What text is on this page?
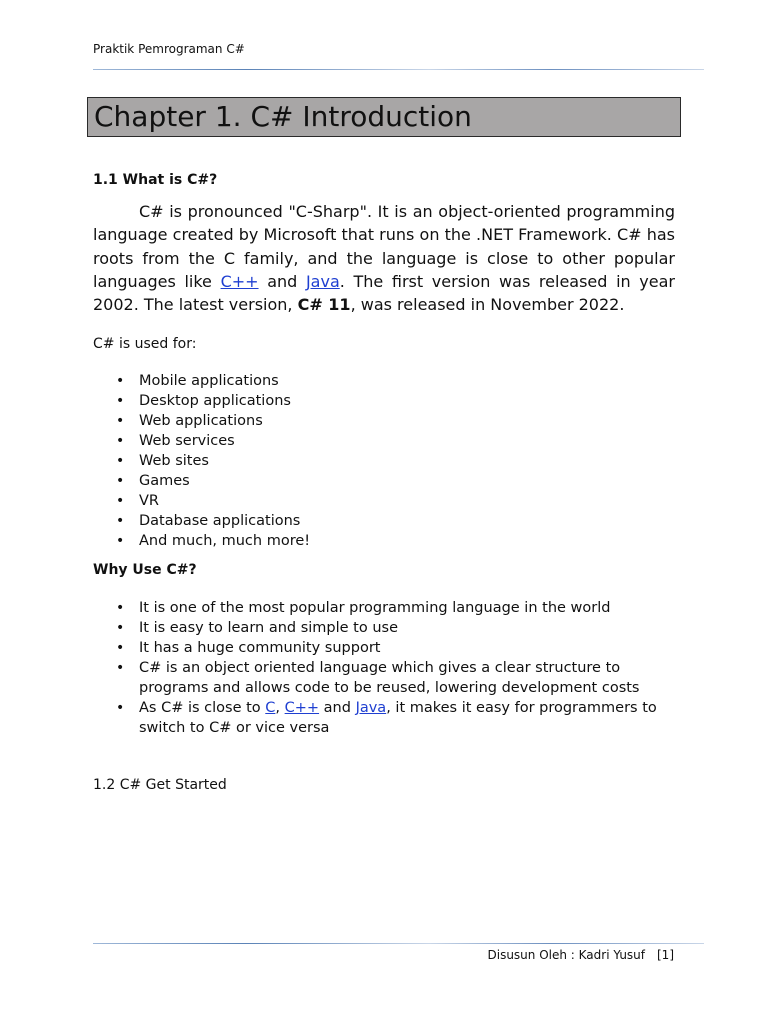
Praktik Pemrograman C#
Chapter 1. C# Introduction
1.1 What is C#?
C# is pronounced "C-Sharp". It is an object-oriented programming language created by Microsoft that runs on the .NET Framework. C# has roots from the C family, and the language is close to other popular languages like C++ and Java. The first version was released in year 2002. The latest version, C# 11, was released in November 2022.
C# is used for:
• Mobile applications
• Desktop applications
• Web applications
• Web services
• Web sites
• Games
• VR
• Database applications
• And much, much more!
Why Use C#?
• It is one of the most popular programming language in the world
• It is easy to learn and simple to use
• It has a huge community support
• C# is an object oriented language which gives a clear structure to programs and allows code to be reused, lowering development costs
• As C# is close to C, C++ and Java, it makes it easy for programmers to switch to C# or vice versa
1.2 C# Get Started
Disusun Oleh : Kadri Yusuf [1]
